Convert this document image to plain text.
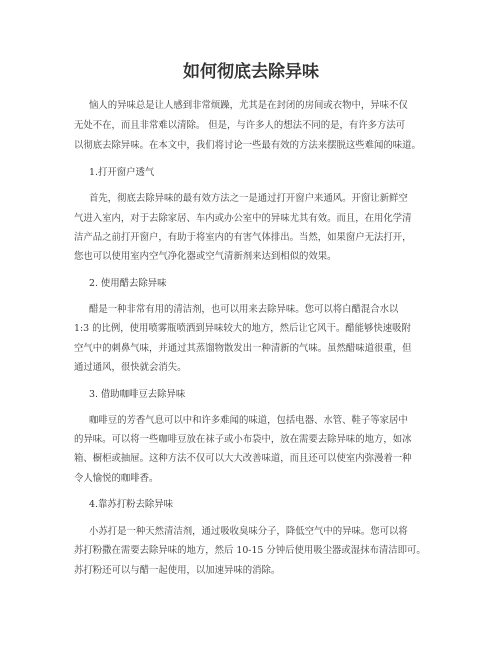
如何彻底去除异味
恼人的异味总是让人感到非常烦躁，尤其是在封闭的房间或衣物中，异味不仅
无处不在，而且非常难以清除。 但是，与许多人的想法不同的是，有许多方法可
以彻底去除异味。在本文中，我们将讨论一些最有效的方法来摆脱这些难闻的味道。
1.打开窗户透气
首先，彻底去除异味的最有效方法之一是通过打开窗户来通风。开窗让新鲜空
气进入室内，对于去除家居、车内或办公室中的异味尤其有效。而且，在用化学清
洁产品之前打开窗户，有助于将室内的有害气体排出。当然，如果窗户无法打开，
您也可以使用室内空气净化器或空气清新剂来达到相似的效果。
2. 使用醋去除异味
醋是一种非常有用的清洁剂，也可以用来去除异味。您可以将白醋混合水以
1:3 的比例，使用喷雾瓶喷洒到异味较大的地方，然后让它风干。醋能够快速吸附
空气中的刺鼻气味，并通过其蒸馏物散发出一种清新的气味。虽然醋味道很重，但
通过通风，很快就会消失。
3. 借助咖啡豆去除异味
咖啡豆的芳香气息可以中和许多难闻的味道，包括电器、水管、鞋子等家居中
的异味。可以将一些咖啡豆放在袜子或小布袋中，放在需要去除异味的地方，如冰
箱、橱柜或抽屉。这种方法不仅可以大大改善味道，而且还可以使室内弥漫着一种
令人愉悦的咖啡香。
4.靠苏打粉去除异味
小苏打是一种天然清洁剂，通过吸收臭味分子，降低空气中的异味。您可以将
苏打粉撒在需要去除异味的地方，然后 10-15 分钟后使用吸尘器或湿抹布清洁即可。
苏打粉还可以与醋一起使用，以加速异味的消除。
